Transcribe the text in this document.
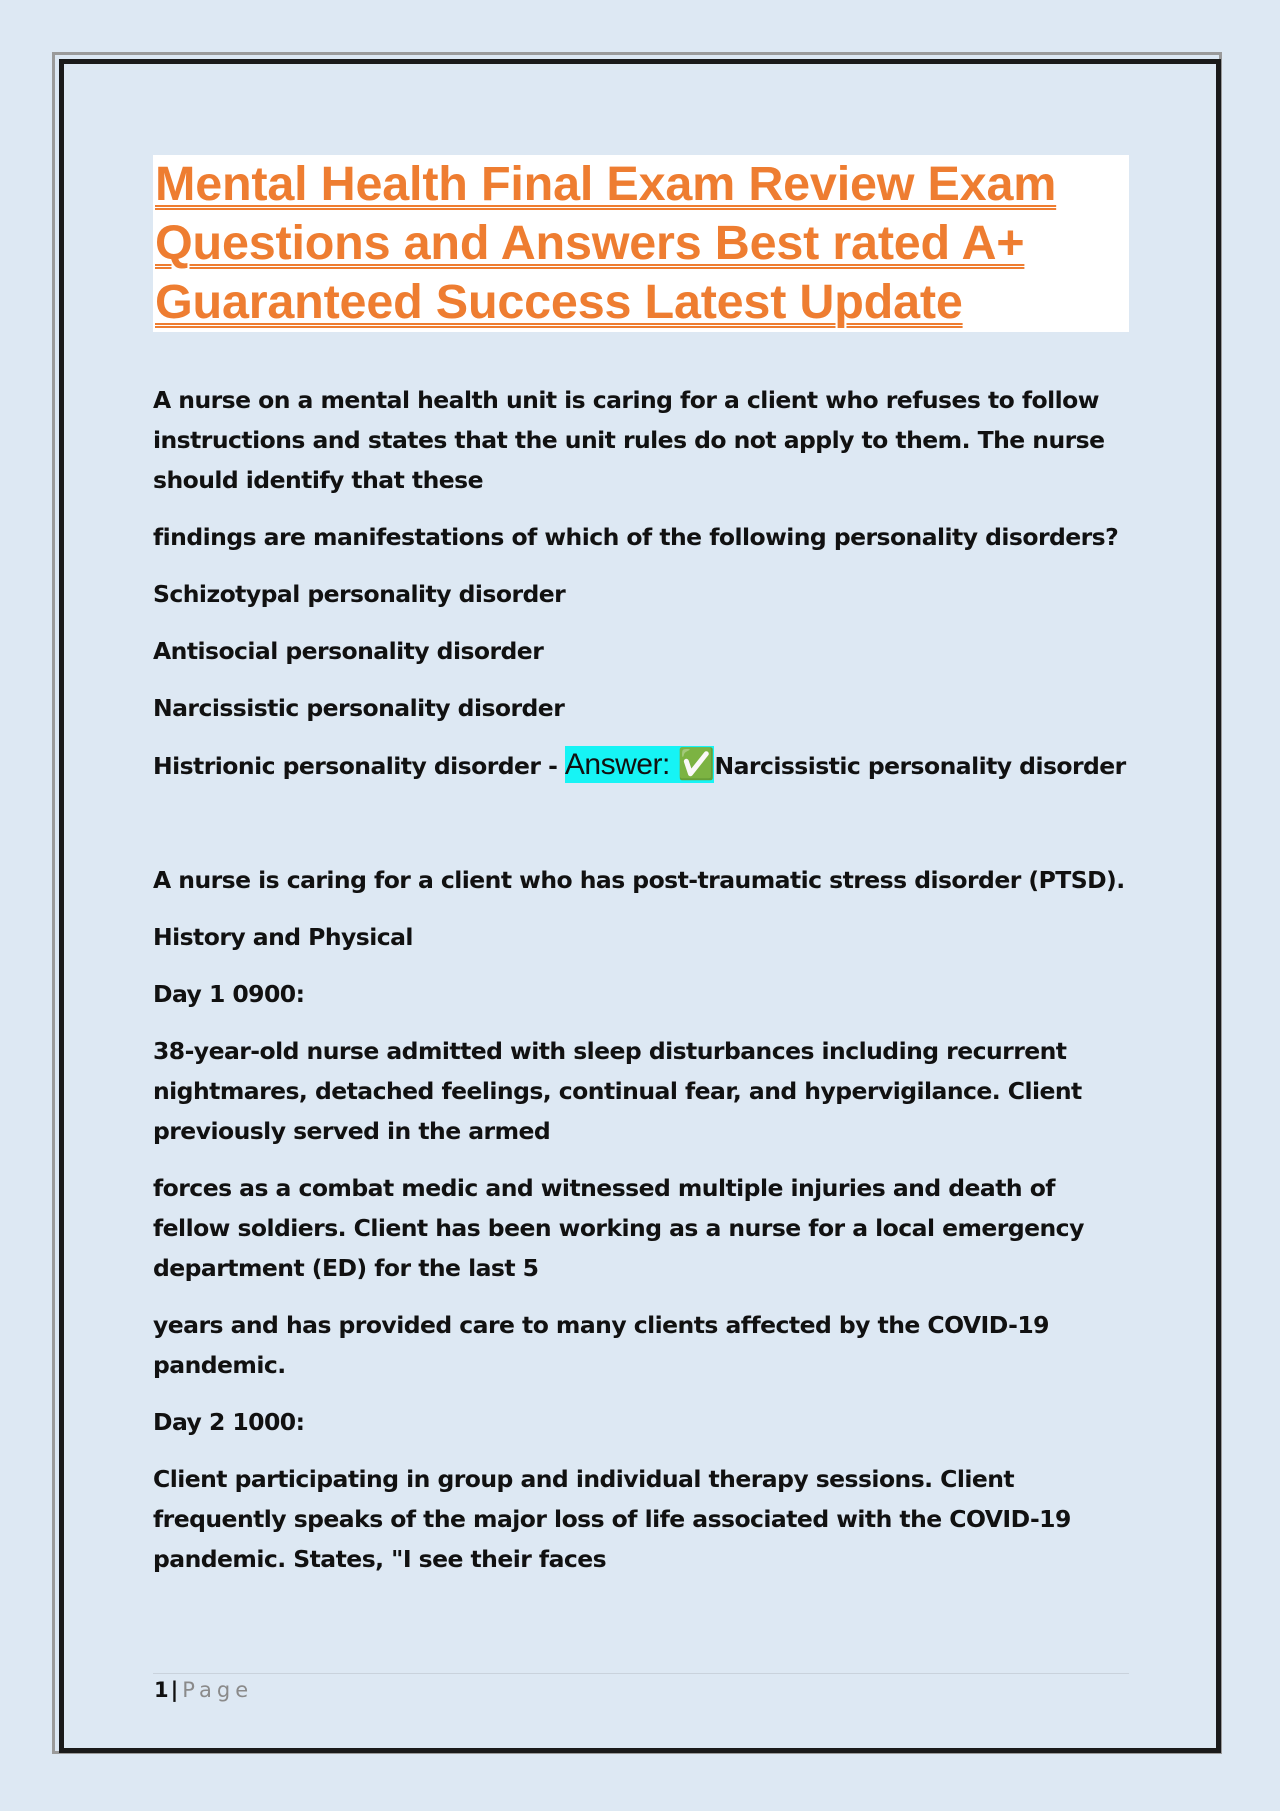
Mental Health Final Exam Review Exam Questions and Answers Best rated A+ Guaranteed Success Latest Update

A nurse on a mental health unit is caring for a client who refuses to follow instructions and states that the unit rules do not apply to them. The nurse should identify that these

findings are manifestations of which of the following personality disorders?

Schizotypal personality disorder

Antisocial personality disorder

Narcissistic personality disorder

Histrionic personality disorder - Answer: ✅Narcissistic personality disorder

A nurse is caring for a client who has post-traumatic stress disorder (PTSD).

History and Physical

Day 1 0900:

38-year-old nurse admitted with sleep disturbances including recurrent nightmares, detached feelings, continual fear, and hypervigilance. Client previously served in the armed

forces as a combat medic and witnessed multiple injuries and death of fellow soldiers. Client has been working as a nurse for a local emergency department (ED) for the last 5

years and has provided care to many clients affected by the COVID-19 pandemic.

Day 2 1000:

Client participating in group and individual therapy sessions. Client frequently speaks of the major loss of life associated with the COVID-19 pandemic. States, "I see their faces

1| Page
